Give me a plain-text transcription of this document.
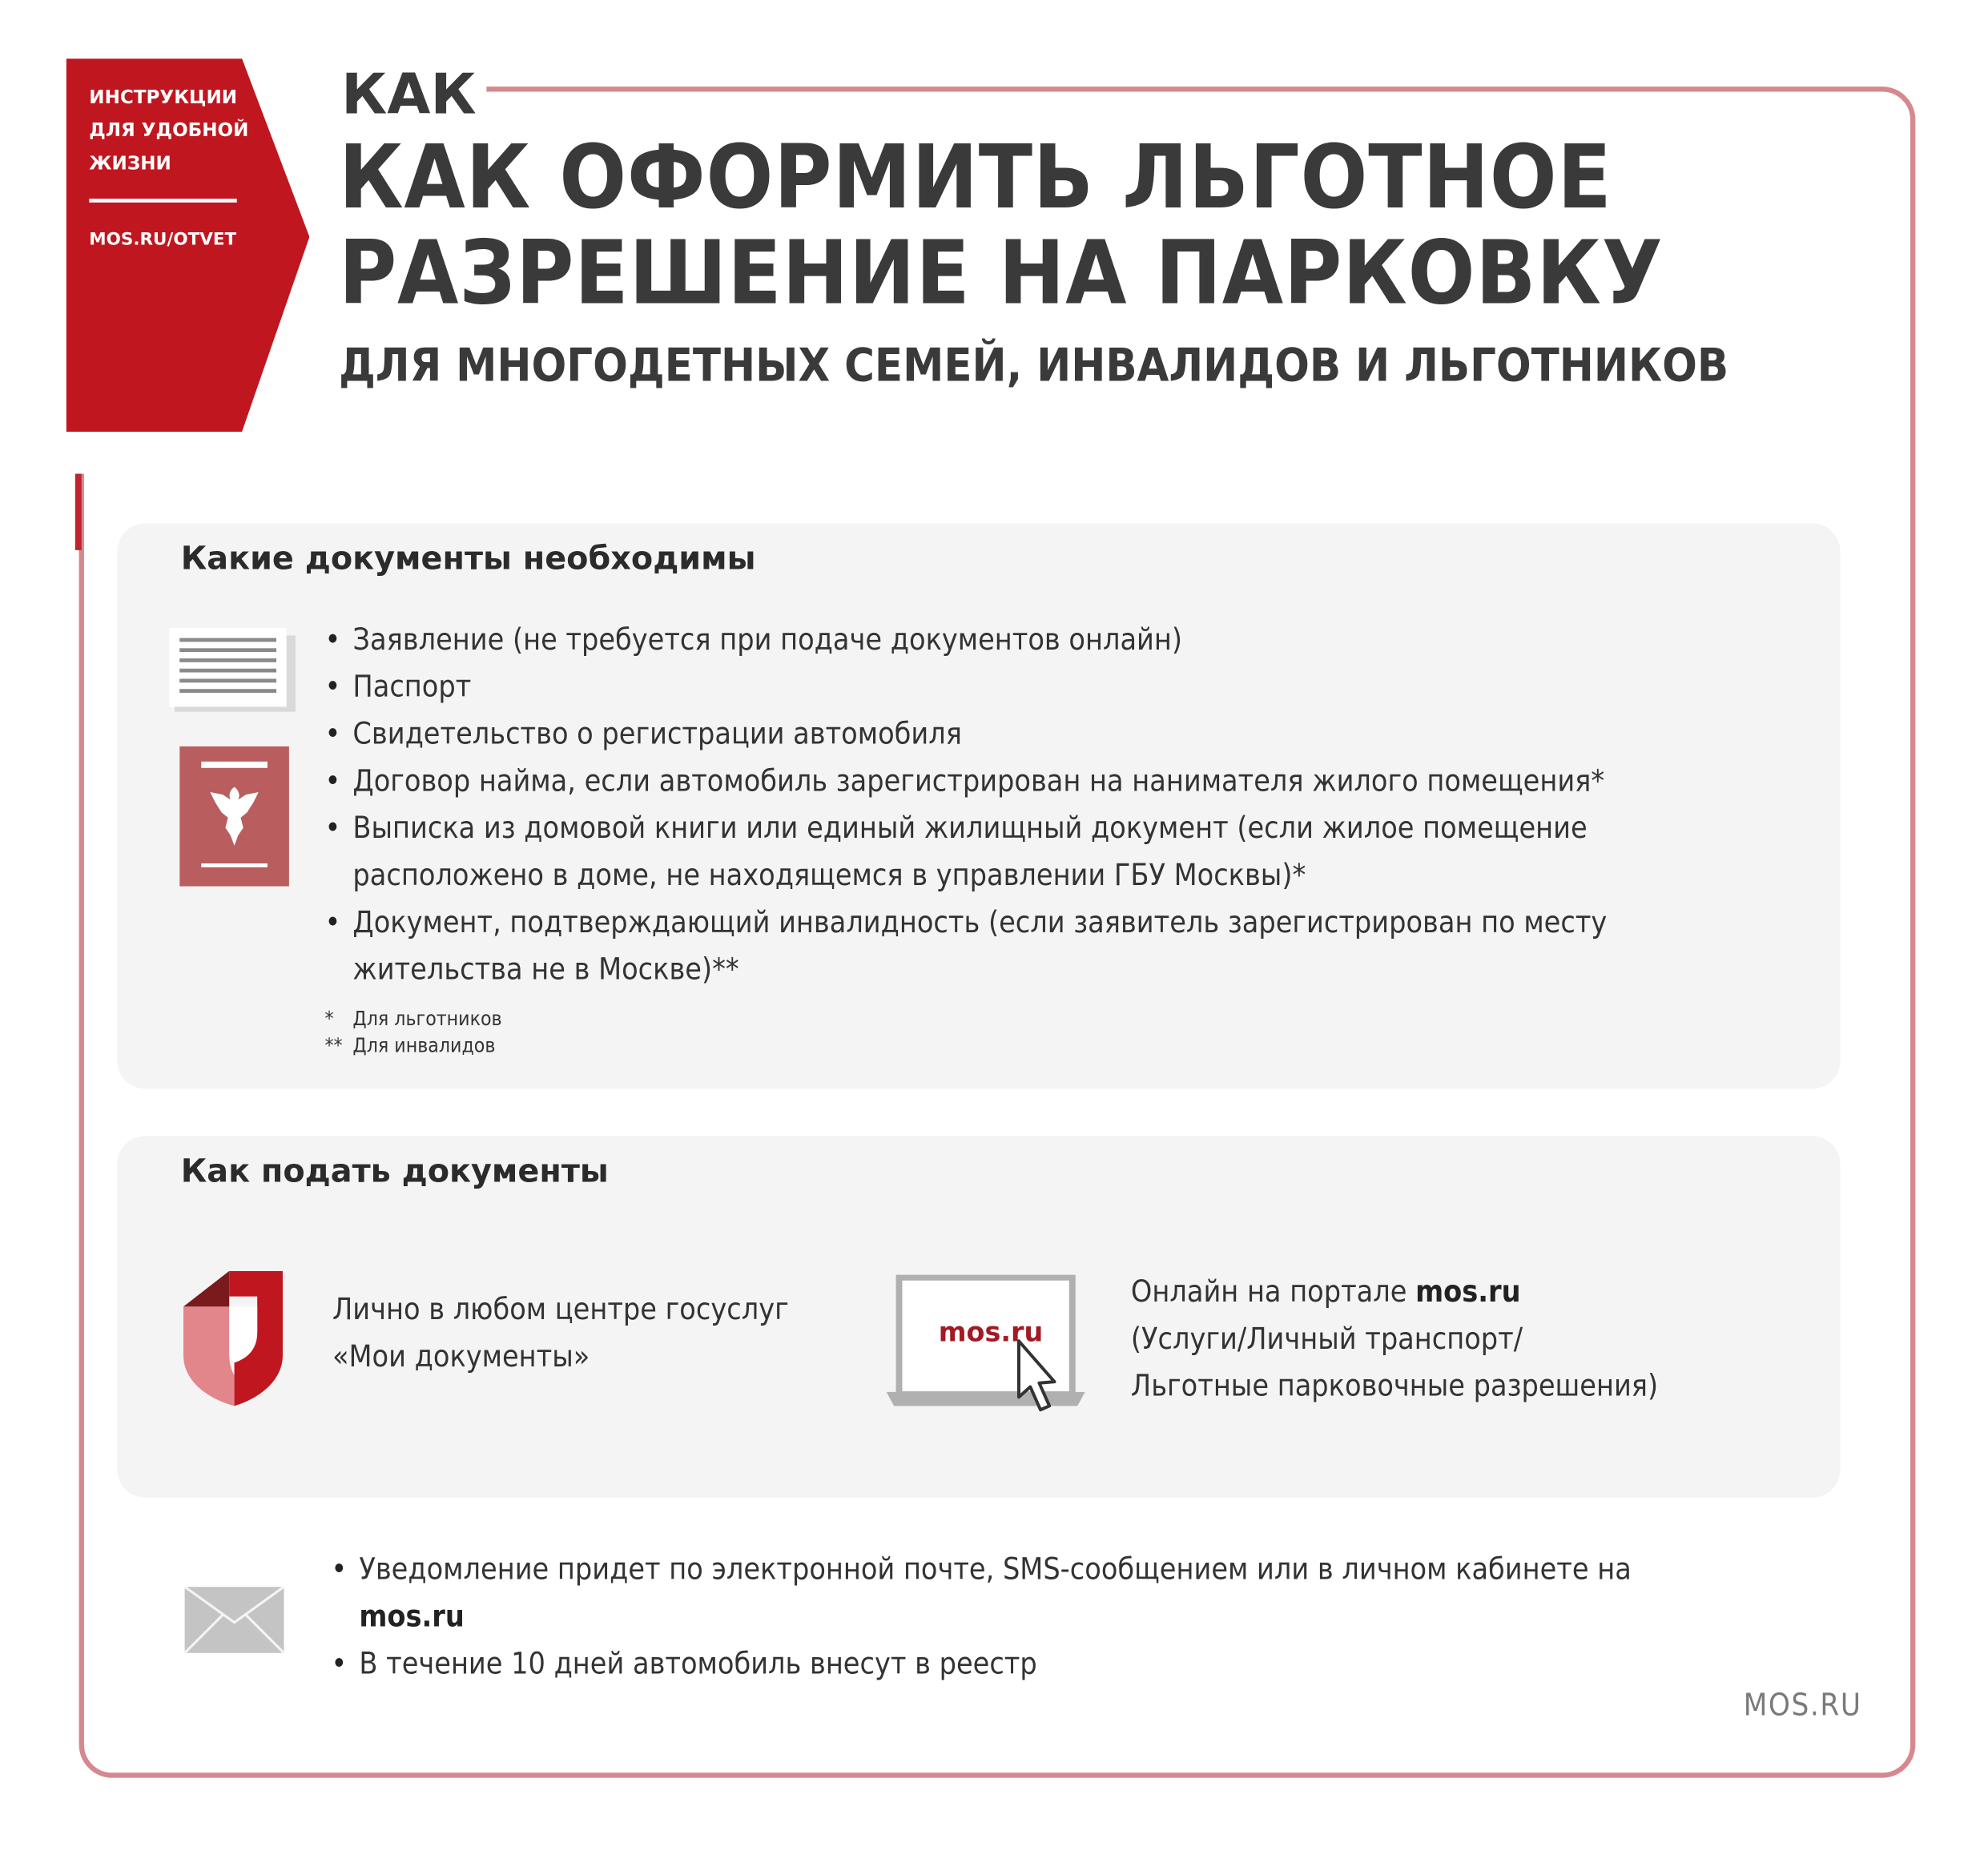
ИНСТРУКЦИИ
ДЛЯ УДОБНОЙ
ЖИЗНИ
MOS.RU/OTVET
КАК
КАК ОФОРМИТЬ ЛЬГОТНОЕ
РАЗРЕШЕНИЕ НА ПАРКОВКУ
ДЛЯ МНОГОДЕТНЫХ СЕМЕЙ, ИНВАЛИДОВ И ЛЬГОТНИКОВ
Какие документы необходимы
• Заявление (не требуется при подаче документов онлайн)
• Паспорт
• Свидетельство о регистрации автомобиля
• Договор найма, если автомобиль зарегистрирован на нанимателя жилого помещения*
• Выписка из домовой книги или единый жилищный документ (если жилое помещение расположено в доме, не находящемся в управлении ГБУ Москвы)*
• Документ, подтверждающий инвалидность (если заявитель зарегистрирован по месту жительства не в Москве)**
* Для льготников
** Для инвалидов
Как подать документы
Лично в любом центре госуслуг
«Мои документы»
mos.ru
Онлайн на портале mos.ru
(Услуги/Личный транспорт/
Льготные парковочные разрешения)
• Уведомление придет по электронной почте, SMS-сообщением или в личном кабинете на mos.ru
• В течение 10 дней автомобиль внесут в реестр
MOS.RU
